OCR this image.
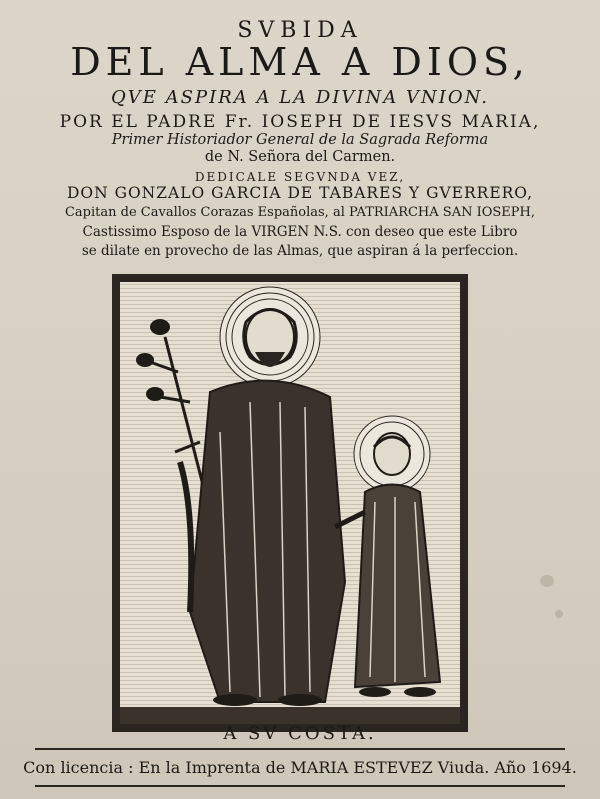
SVBIDA
DEL ALMA A DIOS,
QVE ASPIRA A LA DIVINA VNION.
POR EL PADRE Fr. IOSEPH DE IESVS MARIA,
Primer Historiador General de la Sagrada Reforma
de N. Señora del Carmen.
DEDICALE SEGVNDA VEZ,
DON GONZALO GARCIA DE TABARES Y GVERRERO,
Capitan de Cavallos Corazas Españolas, al PATRIARCHA SAN IOSEPH,
Castissimo Esposo de la VIRGEN N.S. con deseo que este Libro
se dilate en provecho de las Almas, que aspiran á la perfeccion.
A SV COSTA.
Con licencia : En la Imprenta de MARIA ESTEVEZ Viuda. Año 1694.
